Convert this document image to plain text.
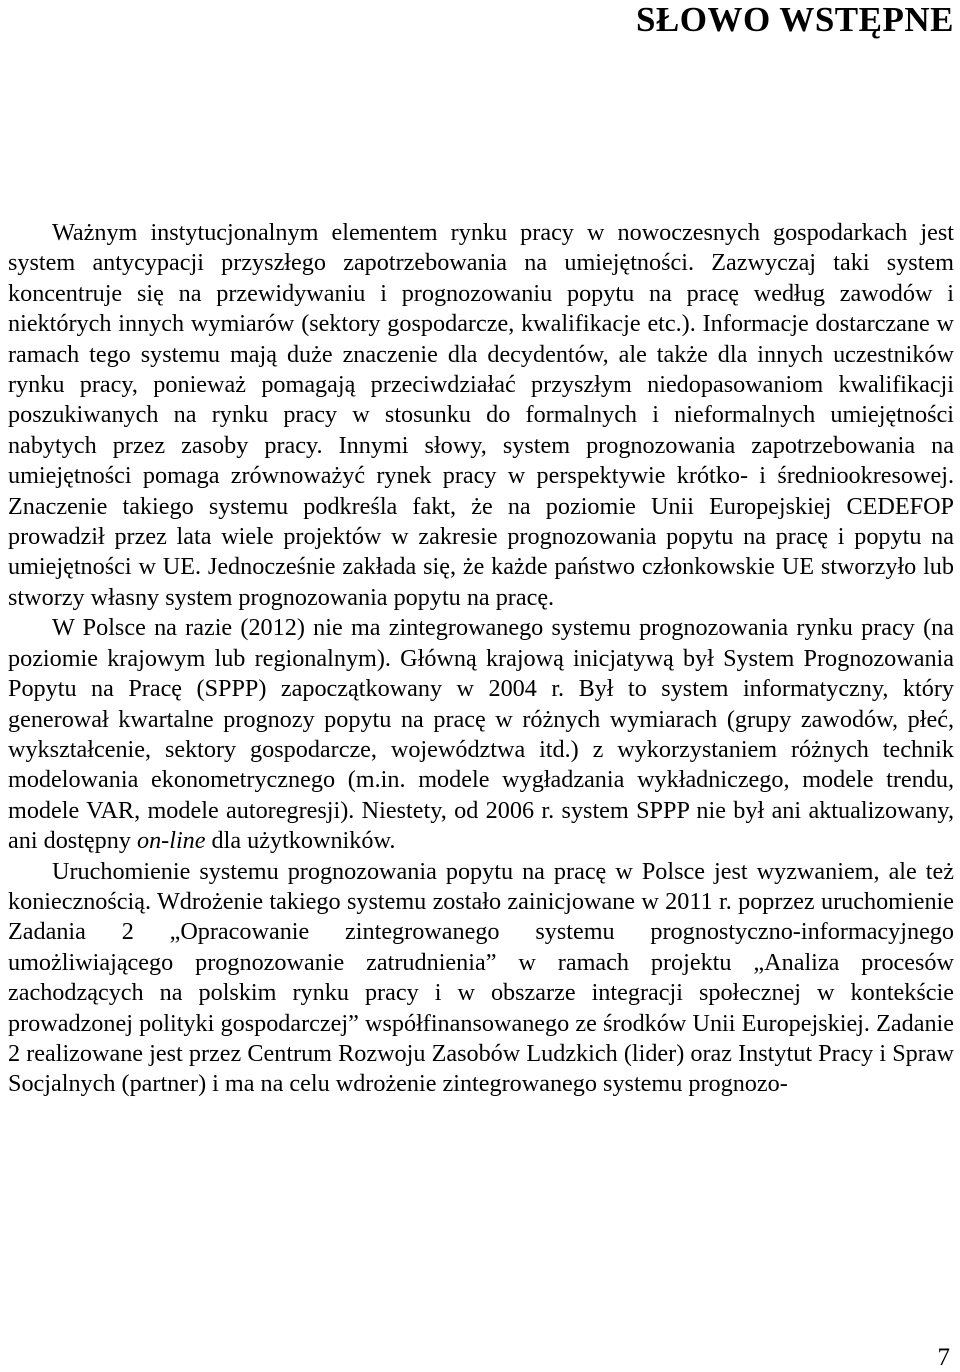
SŁOWO WSTĘPNE

Ważnym instytucjonalnym elementem rynku pracy w nowoczesnych gospodarkach jest system antycypacji przyszłego zapotrzebowania na umiejętności. Zazwyczaj taki system koncentruje się na przewidywaniu i prognozowaniu popytu na pracę według zawodów i niektórych innych wymiarów (sektory gospodarcze, kwalifikacje etc.). Informacje dostarczane w ramach tego systemu mają duże znaczenie dla decydentów, ale także dla innych uczestników rynku pracy, ponieważ pomagają przeciwdziałać przyszłym niedopasowaniom kwalifikacji poszukiwanych na rynku pracy w stosunku do formalnych i nieformalnych umiejętności nabytych przez zasoby pracy. Innymi słowy, system prognozowania zapotrzebowania na umiejętności pomaga zrównoważyć rynek pracy w perspektywie krótko- i średniookresowej. Znaczenie takiego systemu podkreśla fakt, że na poziomie Unii Europejskiej CEDEFOP prowadził przez lata wiele projektów w zakresie prognozowania popytu na pracę i popytu na umiejętności w UE. Jednocześnie zakłada się, że każde państwo członkowskie UE stworzyło lub stworzy własny system prognozowania popytu na pracę.

W Polsce na razie (2012) nie ma zintegrowanego systemu prognozowania rynku pracy (na poziomie krajowym lub regionalnym). Główną krajową inicjatywą był System Prognozowania Popytu na Pracę (SPPP) zapoczątkowany w 2004 r. Był to system informatyczny, który generował kwartalne prognozy popytu na pracę w różnych wymiarach (grupy zawodów, płeć, wykształcenie, sektory gospodarcze, województwa itd.) z wykorzystaniem różnych technik modelowania ekonometrycznego (m.in. modele wygładzania wykładniczego, modele trendu, modele VAR, modele autoregresji). Niestety, od 2006 r. system SPPP nie był ani aktualizowany, ani dostępny on-line dla użytkowników.

Uruchomienie systemu prognozowania popytu na pracę w Polsce jest wyzwaniem, ale też koniecznością. Wdrożenie takiego systemu zostało zainicjowane w 2011 r. poprzez uruchomienie Zadania 2 „Opracowanie zintegrowanego systemu prognostyczno-informacyjnego umożliwiającego prognozowanie zatrudnienia” w ramach projektu „Analiza procesów zachodzących na polskim rynku pracy i w obszarze integracji społecznej w kontekście prowadzonej polityki gospodarczej” współfinansowanego ze środków Unii Europejskiej. Zadanie 2 realizowane jest przez Centrum Rozwoju Zasobów Ludzkich (lider) oraz Instytut Pracy i Spraw Socjalnych (partner) i ma na celu wdrożenie zintegrowanego systemu prognozo-

7
